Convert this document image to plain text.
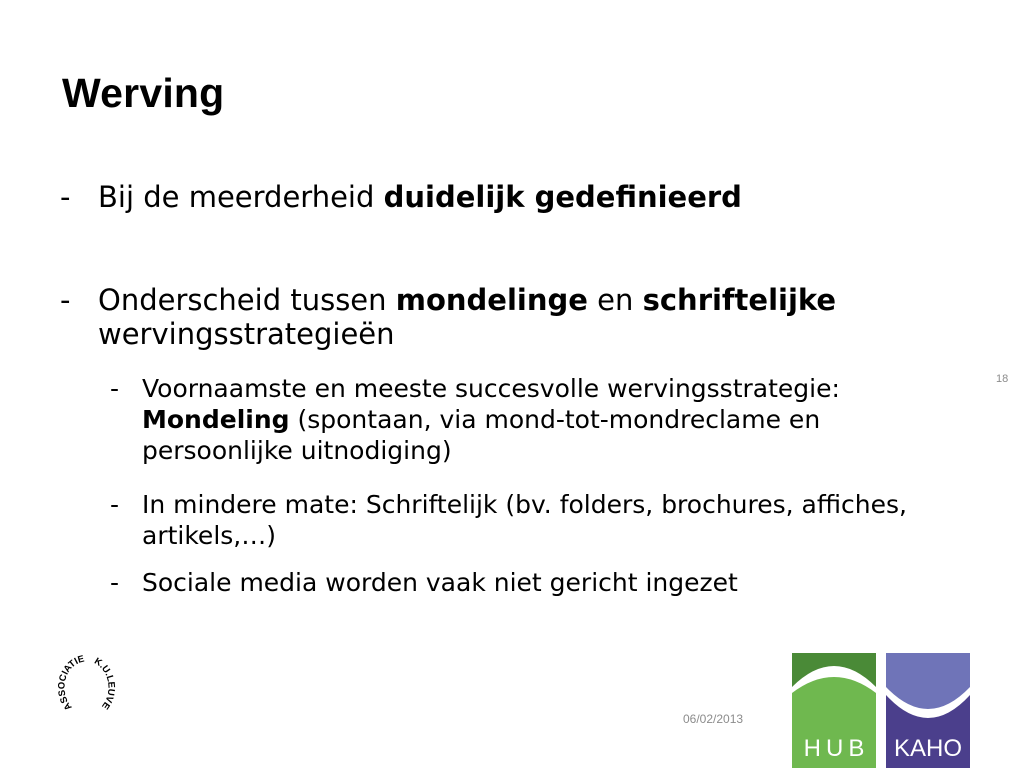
Werving
- Bij de meerderheid duidelijk gedefinieerd
- Onderscheid tussen mondelinge en schriftelijke wervingsstrategieën
- Voornaamste en meeste succesvolle wervingsstrategie: Mondeling (spontaan, via mond-tot-mondreclame en persoonlijke uitnodiging)
- In mindere mate: Schriftelijk (bv. folders, brochures, affiches, artikels,…)
- Sociale media worden vaak niet gericht ingezet
18
06/02/2013
ASSOCIATIE K.U.LEUVE
HUB	KAHO
